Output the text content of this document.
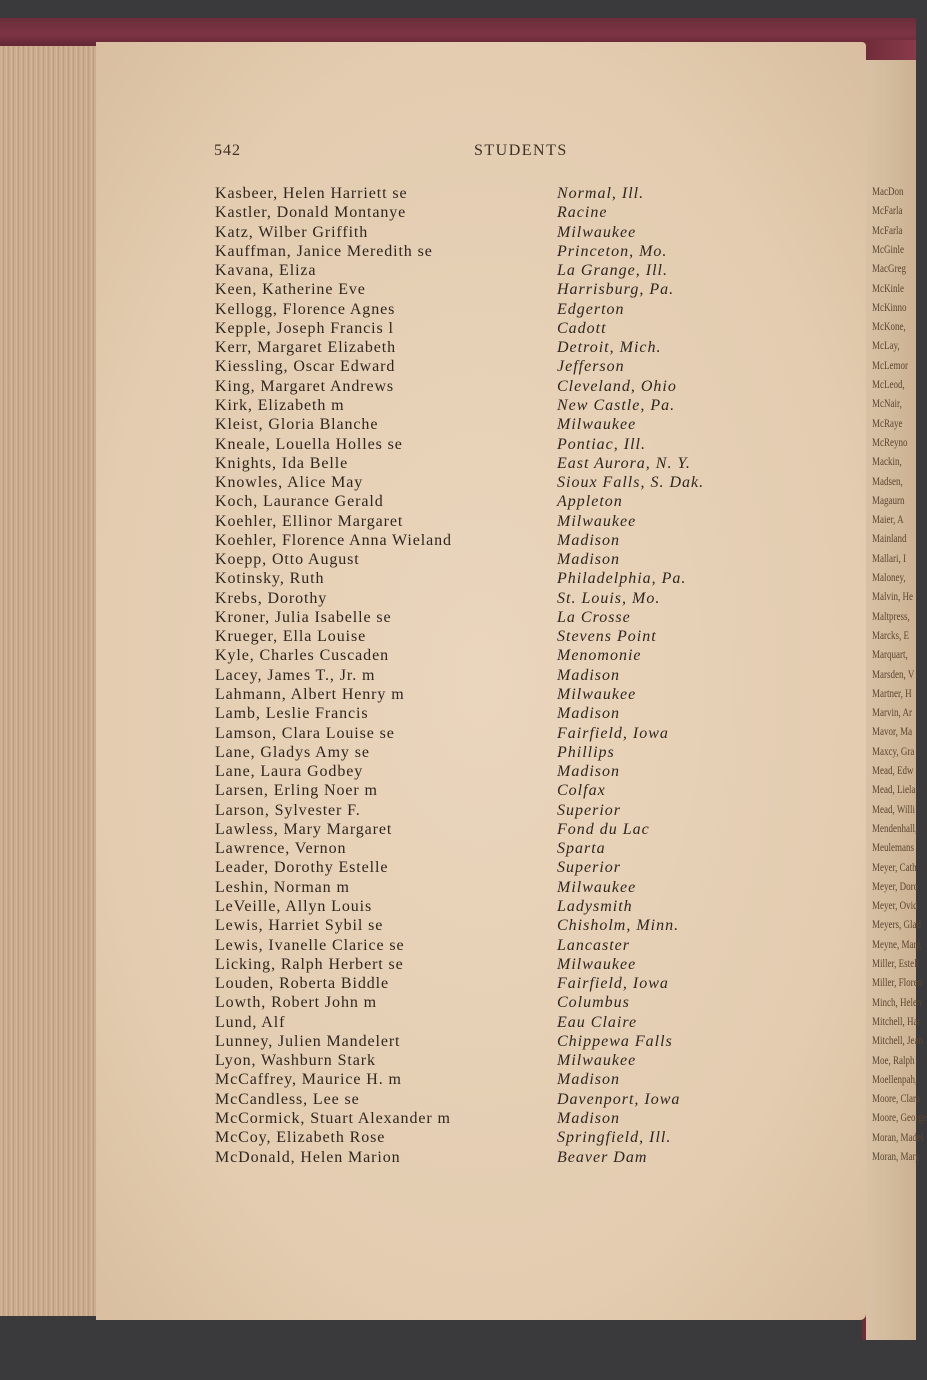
MacDon
McFarla
McFarla
McGinle
MacGreg
McKinle
McKinno
McKone,
McLay,
McLemor
McLeod,
McNair,
McRaye
McReyno
Mackin,
Madsen,
Magaurn
Maier, A
Mainland
Mallari, I
Maloney,
Malvin, He
Maltpress,
Marcks, E
Marquart,
Marsden, V
Martner, H
Marvin, Ar
Mavor, Ma
Maxcy, Gra
Mead, Edw
Mead, Liela
Mead, Willi
Mendenhall,
Meulemans
Meyer, Cath
Meyer, Doro
Meyer, Ovid
Meyers, Glad
Meyne, Marg
Miller, Estell
Miller, Floren
Minch, Helen
Mitchell, Har
Mitchell, Jean
Moe, Ralph
Moellenpah,
Moore, Clara
Moore, George
Moran, Madel
Moran, Mary
542	STUDENTS
Kasbeer, Helen Harriett se	Normal, Ill.
Kastler, Donald Montanye	Racine
Katz, Wilber Griffith	Milwaukee
Kauffman, Janice Meredith se	Princeton, Mo.
Kavana, Eliza	La Grange, Ill.
Keen, Katherine Eve	Harrisburg, Pa.
Kellogg, Florence Agnes	Edgerton
Kepple, Joseph Francis l	Cadott
Kerr, Margaret Elizabeth	Detroit, Mich.
Kiessling, Oscar Edward	Jefferson
King, Margaret Andrews	Cleveland, Ohio
Kirk, Elizabeth m	New Castle, Pa.
Kleist, Gloria Blanche	Milwaukee
Kneale, Louella Holles se	Pontiac, Ill.
Knights, Ida Belle	East Aurora, N. Y.
Knowles, Alice May	Sioux Falls, S. Dak.
Koch, Laurance Gerald	Appleton
Koehler, Ellinor Margaret	Milwaukee
Koehler, Florence Anna Wieland	Madison
Koepp, Otto August	Madison
Kotinsky, Ruth	Philadelphia, Pa.
Krebs, Dorothy	St. Louis, Mo.
Kroner, Julia Isabelle se	La Crosse
Krueger, Ella Louise	Stevens Point
Kyle, Charles Cuscaden	Menomonie
Lacey, James T., Jr. m	Madison
Lahmann, Albert Henry m	Milwaukee
Lamb, Leslie Francis	Madison
Lamson, Clara Louise se	Fairfield, Iowa
Lane, Gladys Amy se	Phillips
Lane, Laura Godbey	Madison
Larsen, Erling Noer m	Colfax
Larson, Sylvester F.	Superior
Lawless, Mary Margaret	Fond du Lac
Lawrence, Vernon	Sparta
Leader, Dorothy Estelle	Superior
Leshin, Norman m	Milwaukee
LeVeille, Allyn Louis	Ladysmith
Lewis, Harriet Sybil se	Chisholm, Minn.
Lewis, Ivanelle Clarice se	Lancaster
Licking, Ralph Herbert se	Milwaukee
Louden, Roberta Biddle	Fairfield, Iowa
Lowth, Robert John m	Columbus
Lund, Alf	Eau Claire
Lunney, Julien Mandelert	Chippewa Falls
Lyon, Washburn Stark	Milwaukee
McCaffrey, Maurice H. m	Madison
McCandless, Lee se	Davenport, Iowa
McCormick, Stuart Alexander m	Madison
McCoy, Elizabeth Rose	Springfield, Ill.
McDonald, Helen Marion	Beaver Dam
